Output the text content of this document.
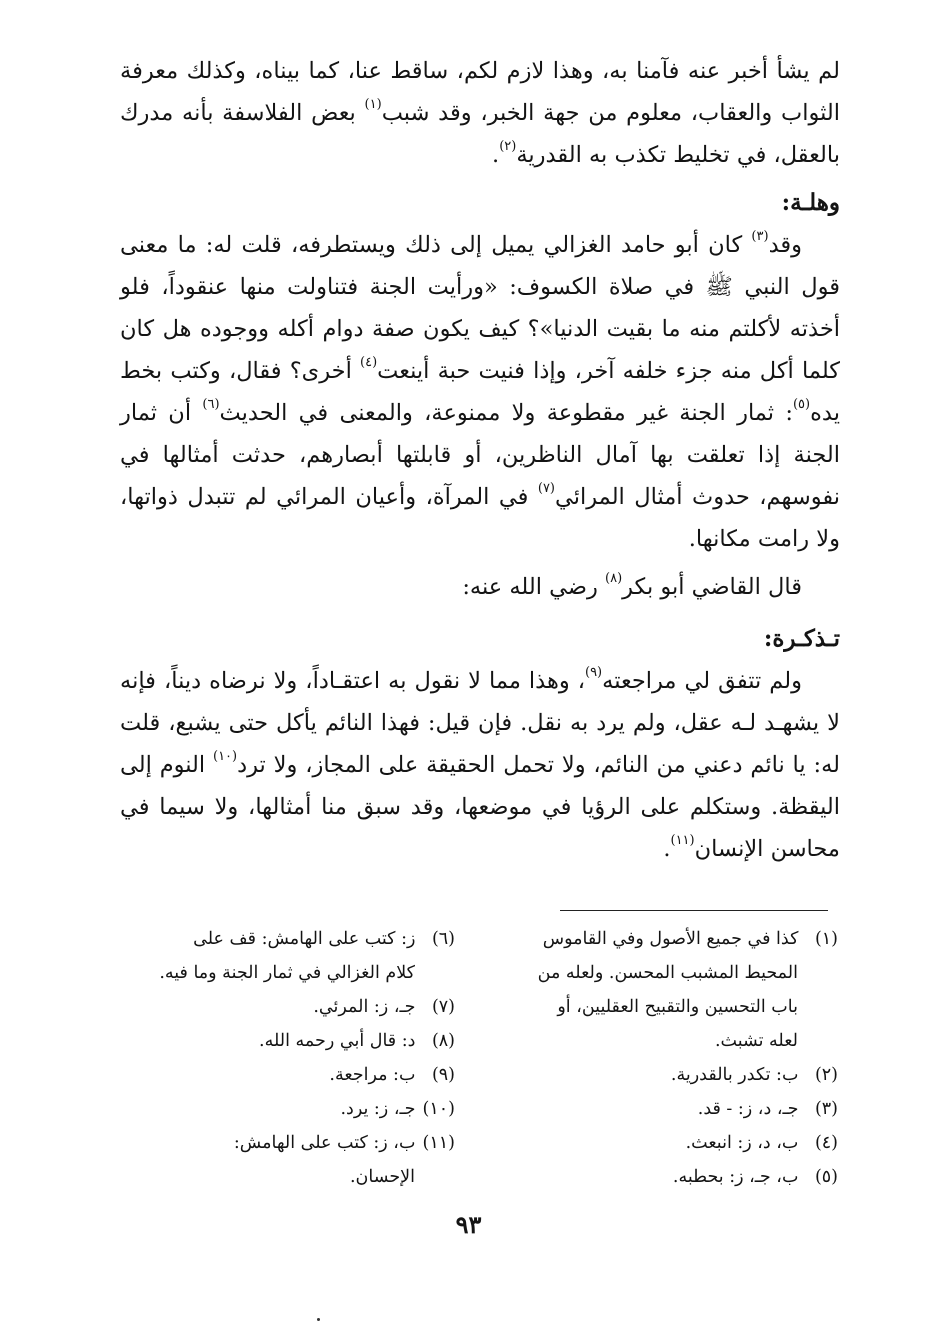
لم يشأ أخبر عنه فآمنا به، وهذا لازم لكم، ساقط عنا، كما بيناه، وكذلك معرفة الثواب والعقاب، معلوم من جهة الخبر، وقد شبب$^{(١)}$ بعض الفلاسفة بأنه مدرك بالعقل، في تخليط تكذب به القدرية$^{(٢)}$.

وهلـة:

وقد$^{(٣)}$ كان أبو حامد الغزالي يميل إلى ذلك ويستطرفه، قلت له: ما معنى قول النبي ﷺ في صلاة الكسوف: «ورأيت الجنة فتناولت منها عنقوداً، فلو أخذته لأكلتم منه ما بقيت الدنيا»؟ كيف يكون صفة دوام أكله ووجوده هل كان كلما أكل منه جزء خلفه آخر، وإذا فنيت حبة أينعت$^{(٤)}$ أخرى؟ فقال، وكتب بخط يده$^{(٥)}$: ثمار الجنة غير مقطوعة ولا ممنوعة، والمعنى في الحديث$^{(٦)}$ أن ثمار الجنة إذا تعلقت بها آمال الناظرين، أو قابلتها أبصارهم، حدثت أمثالها في نفوسهم، حدوث أمثال المرائي$^{(٧)}$ في المرآة، وأعيان المرائي لم تتبدل ذواتها، ولا رامت مكانها.

قال القاضي أبو بكر$^{(٨)}$ رضي الله عنه:

تـذكـرة:

ولم تتفق لي مراجعته$^{(٩)}$، وهذا مما لا نقول به اعتقـاداً، ولا نرضاه ديناً، فإنه لا يشهـد لـه عقل، ولم يرد به نقل. فإن قيل: فهذا النائم يأكل حتى يشبع، قلت له: يا نائم دعني من النائم، ولا تحمل الحقيقة على المجاز، ولا ترد$^{(١٠)}$ النوم إلى اليقظة. وستكلم على الرؤيا في موضعها، وقد سبق منا أمثالها، ولا سيما في محاسن الإنسان$^{(١١)}$.

(١) كذا في جميع الأصول وفي القاموس

المحيط المشبب المحسن. ولعله من

باب التحسين والتقبيح العقليين، أو

لعله تشبث.

(٢) ب: تكدر بالقدرية.

(٣) جـ، د، ز: - قد.

(٤) ب، د، ز: انبعث.

(٥) ب، جـ، ز: بحطبه.

(٦) ز: كتب على الهامش: قف على

كلام الغزالي في ثمار الجنة وما فيه.

(٧) جـ، ز: المرئي.

(٨) د: قال أبي رحمه الله.

(٩) ب: مراجعة.

(١٠) جـ، ز: يرد.

(١١) ب، ز: كتب على الهامش:

الإحسان.

٩٣
